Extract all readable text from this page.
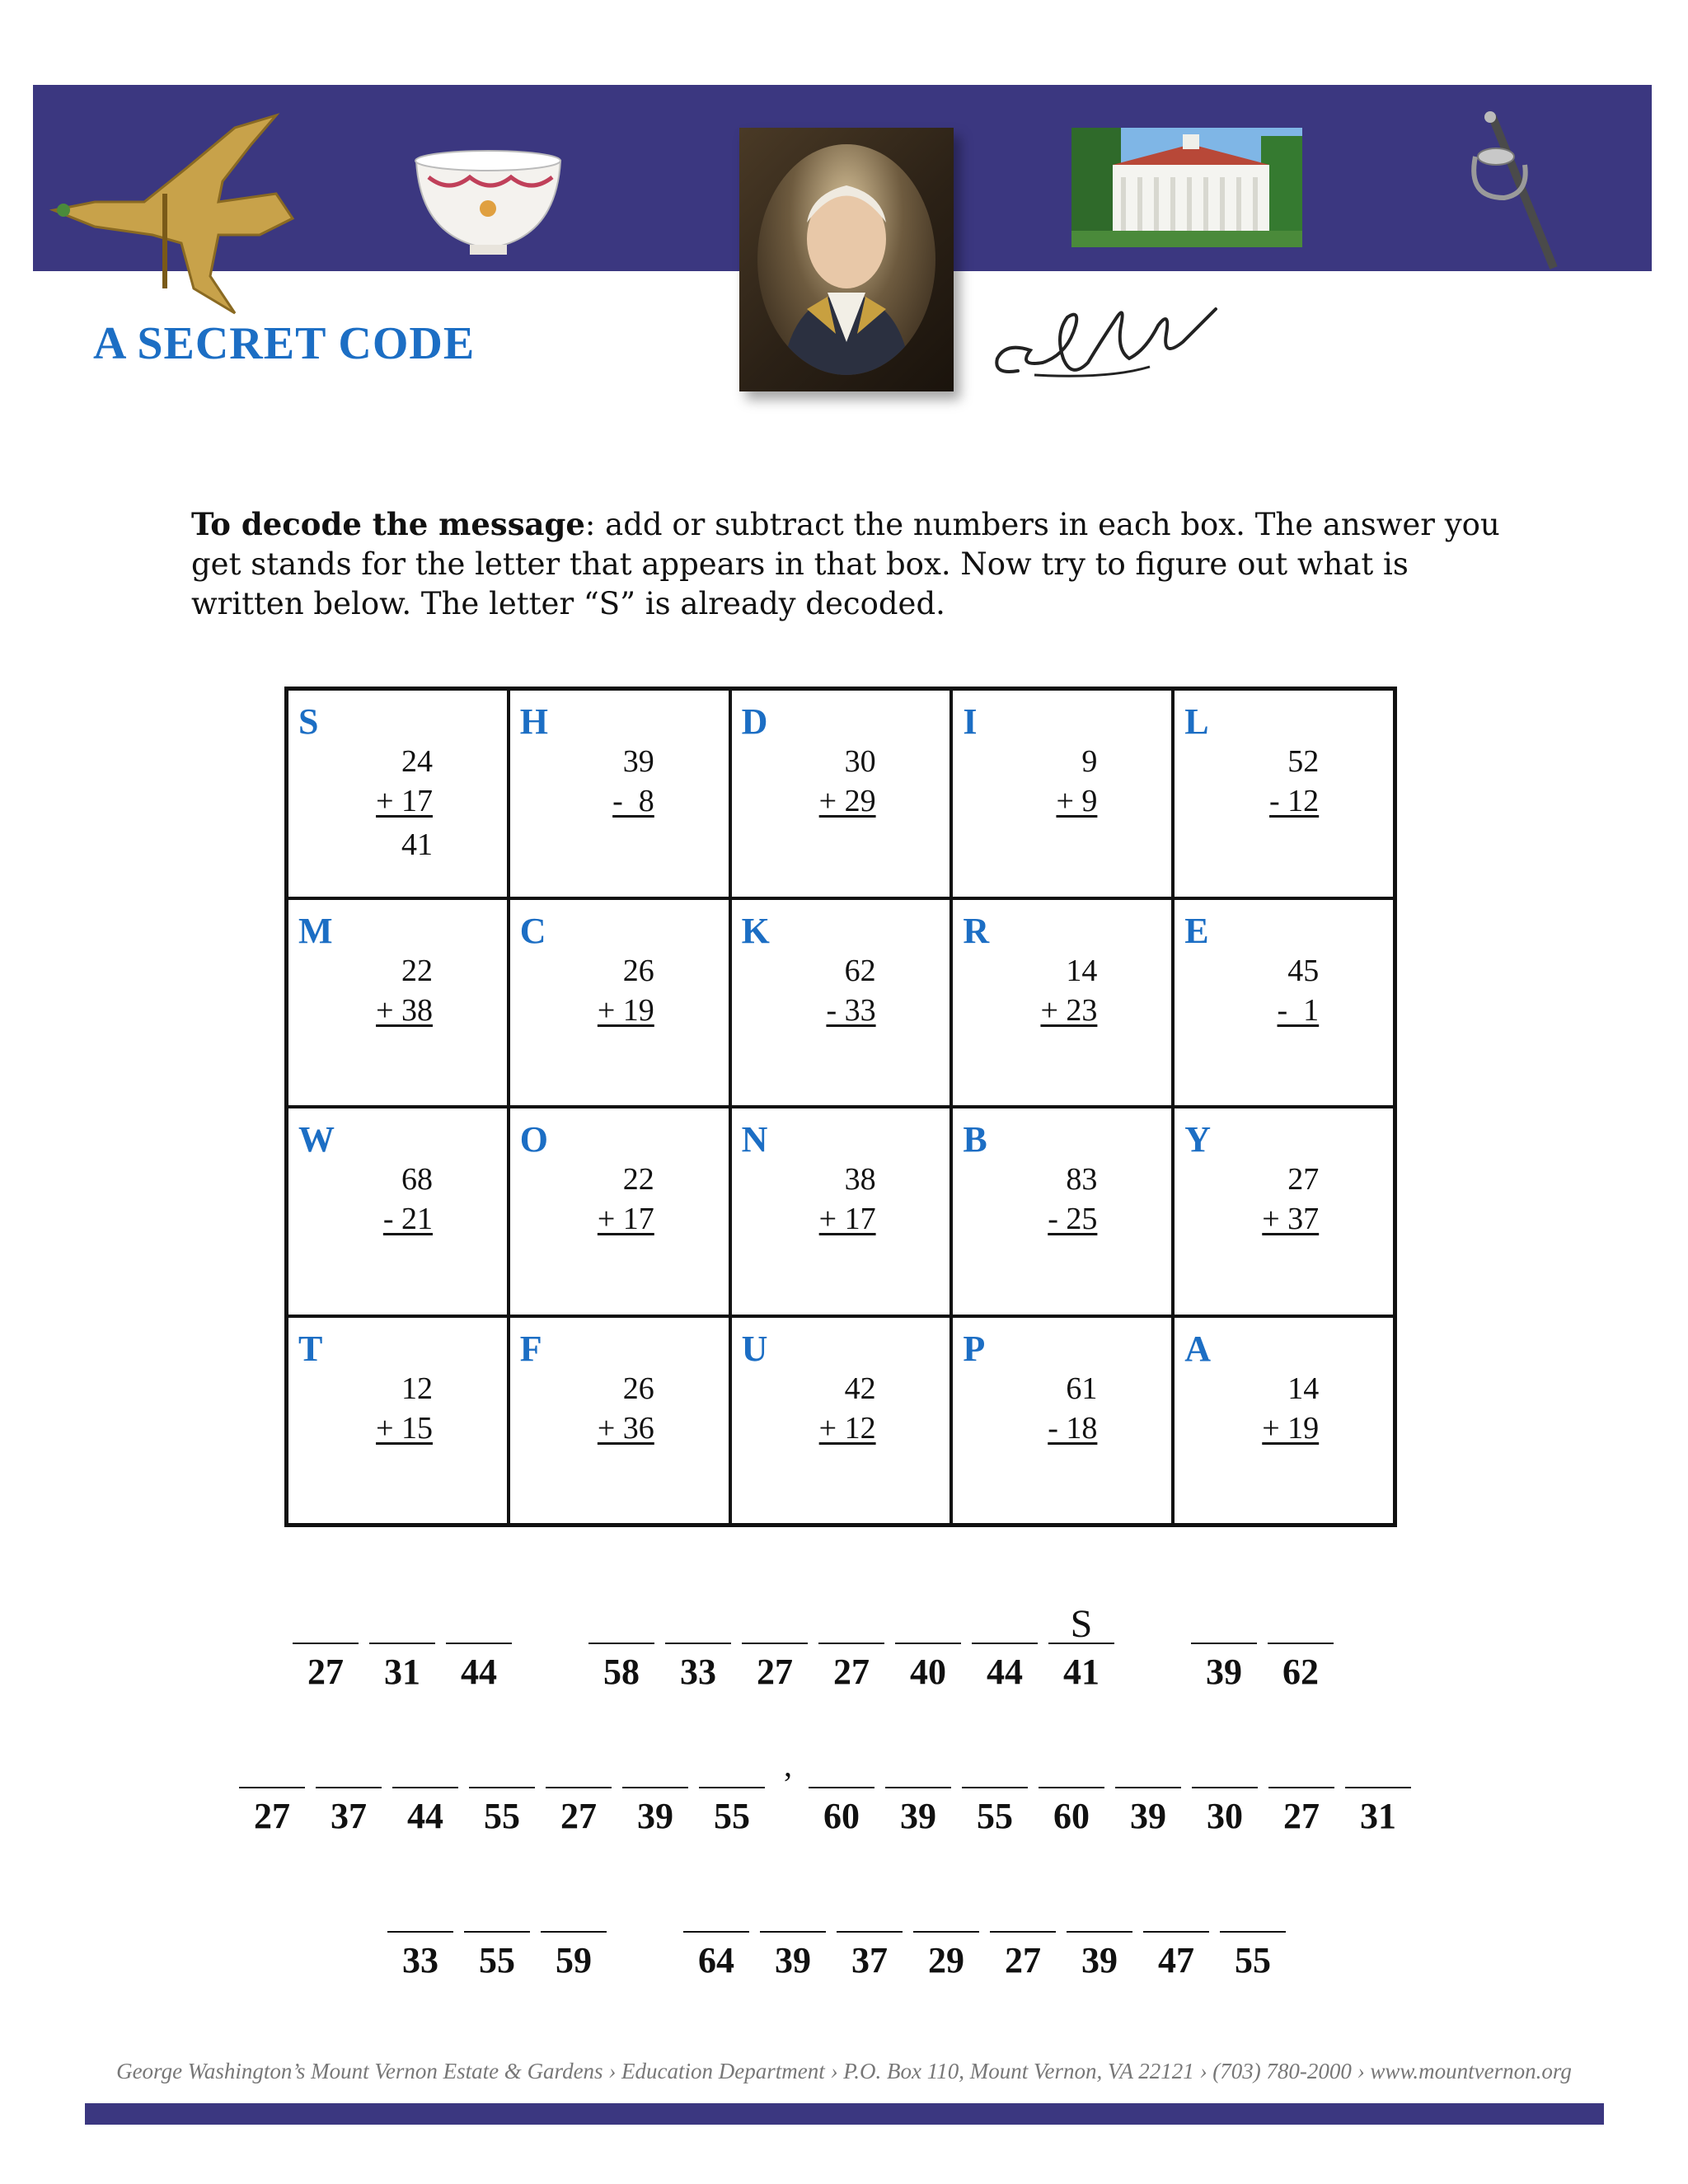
A SECRET CODE

To decode the message: add or subtract the numbers in each box. The answer you get stands for the letter that appears in that box. Now try to figure out what is written below. The letter “S” is already decoded.

S
24
+ 17
41
H
39
-  8
D
30
+ 29
I
9
+ 9
L
52
- 12
M
22
+ 38
C
26
+ 19
K
62
- 33
R
14
+ 23
E
45
-  1
W
68
- 21
O
22
+ 17
N
38
+ 17
B
83
- 25
Y
27
+ 37
T
12
+ 15
F
26
+ 36
U
42
+ 12
P
61
- 18
A
14
+ 19
27	31	44	58	33	27	27	40	44	41
S
39	62
27	37	44	55	27	39	55
,
60	39	55	60	39	30	27	31
33	55	59	64	39	37	29	27	39	47	55
George Washington’s Mount Vernon Estate & Gardens › Education Department › P.O. Box 110, Mount Vernon, VA 22121 › (703) 780-2000 › www.mountvernon.org
